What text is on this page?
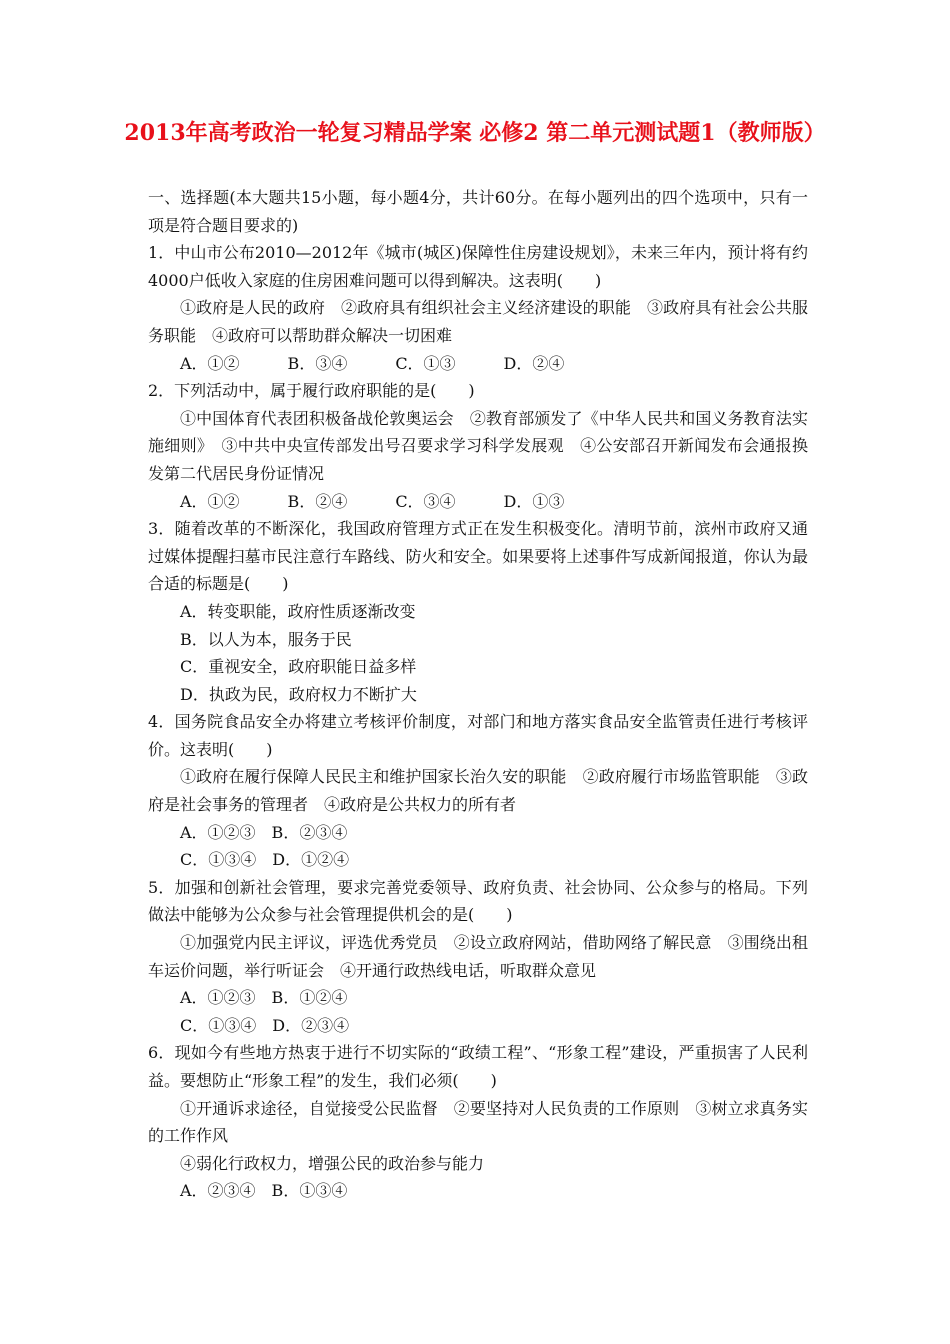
2013年高考政治一轮复习精品学案 必修2 第二单元测试题1（教师版）

一、选择题(本大题共15小题，每小题4分，共计60分。在每小题列出的四个选项中，只有一项是符合题目要求的)

1．中山市公布2010—2012年《城市(城区)保障性住房建设规划》，未来三年内，预计将有约4000户低收入家庭的住房困难问题可以得到解决。这表明(　　)

①政府是人民的政府　②政府具有组织社会主义经济建设的职能　③政府具有社会公共服务职能　④政府可以帮助群众解决一切困难

A．①②　　　B．③④　　　C．①③　　　D．②④

2．下列活动中，属于履行政府职能的是(　　)

①中国体育代表团积极备战伦敦奥运会　②教育部颁发了《中华人民共和国义务教育法实施细则》　③中共中央宣传部发出号召要求学习科学发展观　④公安部召开新闻发布会通报换发第二代居民身份证情况

A．①②　　　B．②④　　　C．③④　　　D．①③

3．随着改革的不断深化，我国政府管理方式正在发生积极变化。清明节前，滨州市政府又通过媒体提醒扫墓市民注意行车路线、防火和安全。如果要将上述事件写成新闻报道，你认为最合适的标题是(　　)

A．转变职能，政府性质逐渐改变

B．以人为本，服务于民

C．重视安全，政府职能日益多样

D．执政为民，政府权力不断扩大

4．国务院食品安全办将建立考核评价制度，对部门和地方落实食品安全监管责任进行考核评价。这表明(　　)

①政府在履行保障人民民主和维护国家长治久安的职能　②政府履行市场监管职能　③政府是社会事务的管理者　④政府是公共权力的所有者

A．①②③　B．②③④

C．①③④　D．①②④

5．加强和创新社会管理，要求完善党委领导、政府负责、社会协同、公众参与的格局。下列做法中能够为公众参与社会管理提供机会的是(　　)

①加强党内民主评议，评选优秀党员　②设立政府网站，借助网络了解民意　③围绕出租车运价问题，举行听证会　④开通行政热线电话，听取群众意见

A．①②③　B．①②④

C．①③④　D．②③④

6．现如今有些地方热衷于进行不切实际的“政绩工程”、“形象工程”建设，严重损害了人民利益。要想防止“形象工程”的发生，我们必须(　　)

①开通诉求途径，自觉接受公民监督　②要坚持对人民负责的工作原则　③树立求真务实的工作作风

④弱化行政权力，增强公民的政治参与能力

A．②③④　B．①③④
